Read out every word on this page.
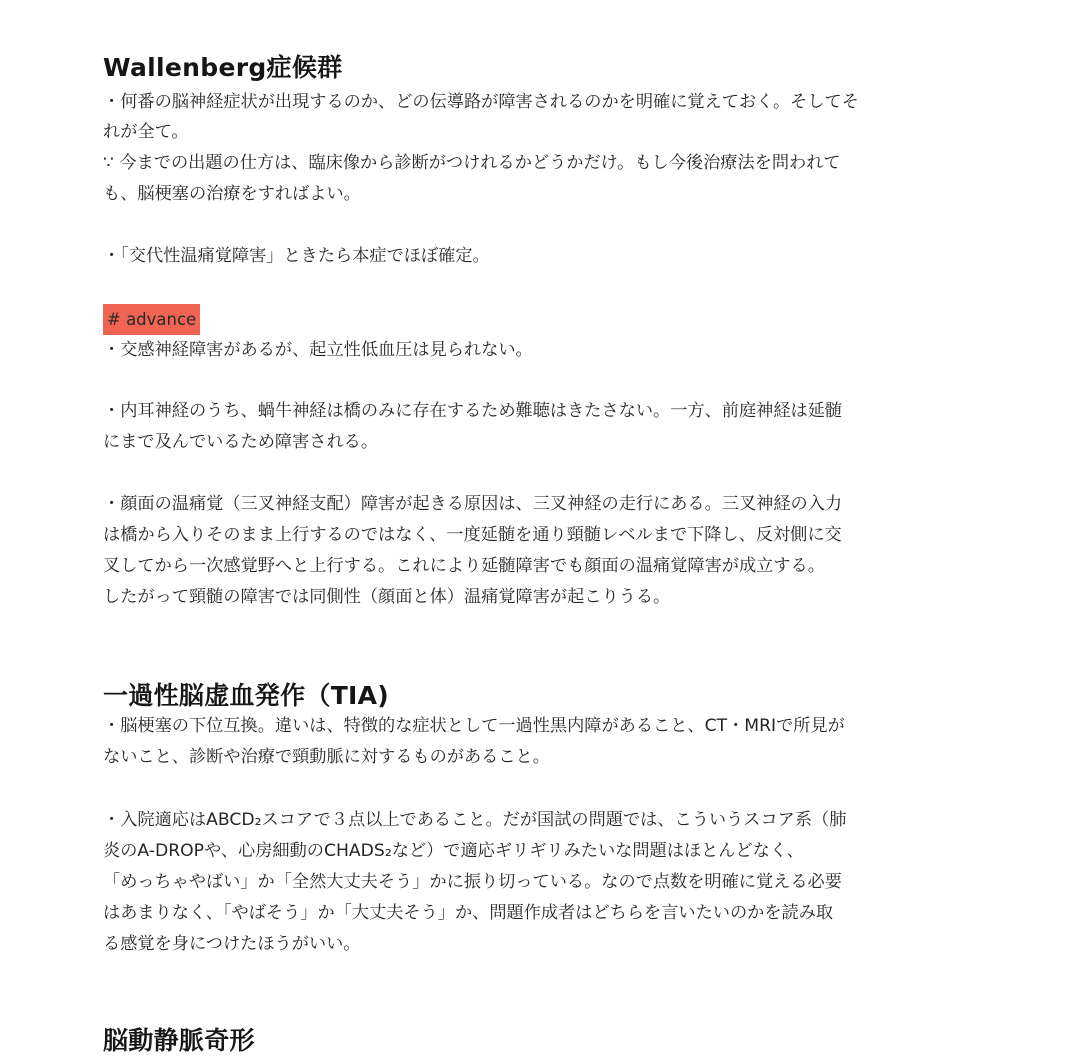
Wallenberg症候群
・何番の脳神経症状が出現するのか、どの伝導路が障害されるのかを明確に覚えておく。そしてそ
れが全て。
∵ 今までの出題の仕方は、臨床像から診断がつけれるかどうかだけ。もし今後治療法を問われて
も、脳梗塞の治療をすればよい。
・「交代性温痛覚障害」ときたら本症でほぼ確定。
# advance
・交感神経障害があるが、起立性低血圧は見られない。
・内耳神経のうち、蝸牛神経は橋のみに存在するため難聴はきたさない。一方、前庭神経は延髄
にまで及んでいるため障害される。
・顔面の温痛覚（三叉神経支配）障害が起きる原因は、三叉神経の走行にある。三叉神経の入力
は橋から入りそのまま上行するのではなく、一度延髄を通り頸髄レベルまで下降し、反対側に交
叉してから一次感覚野へと上行する。これにより延髄障害でも顔面の温痛覚障害が成立する。
したがって頸髄の障害では同側性（顔面と体）温痛覚障害が起こりうる。
一過性脳虚血発作（TIA)
・脳梗塞の下位互換。違いは、特徴的な症状として一過性黒内障があること、CT・MRIで所見が
ないこと、診断や治療で頸動脈に対するものがあること。
・入院適応はABCD₂スコアで３点以上であること。だが国試の問題では、こういうスコア系（肺
炎のA-DROPや、心房細動のCHADS₂など）で適応ギリギリみたいな問題はほとんどなく、
「めっちゃやばい」か「全然大丈夫そう」かに振り切っている。なので点数を明確に覚える必要
はあまりなく、「やばそう」か「大丈夫そう」か、問題作成者はどちらを言いたいのかを読み取
る感覚を身につけたほうがいい。
脳動静脈奇形
